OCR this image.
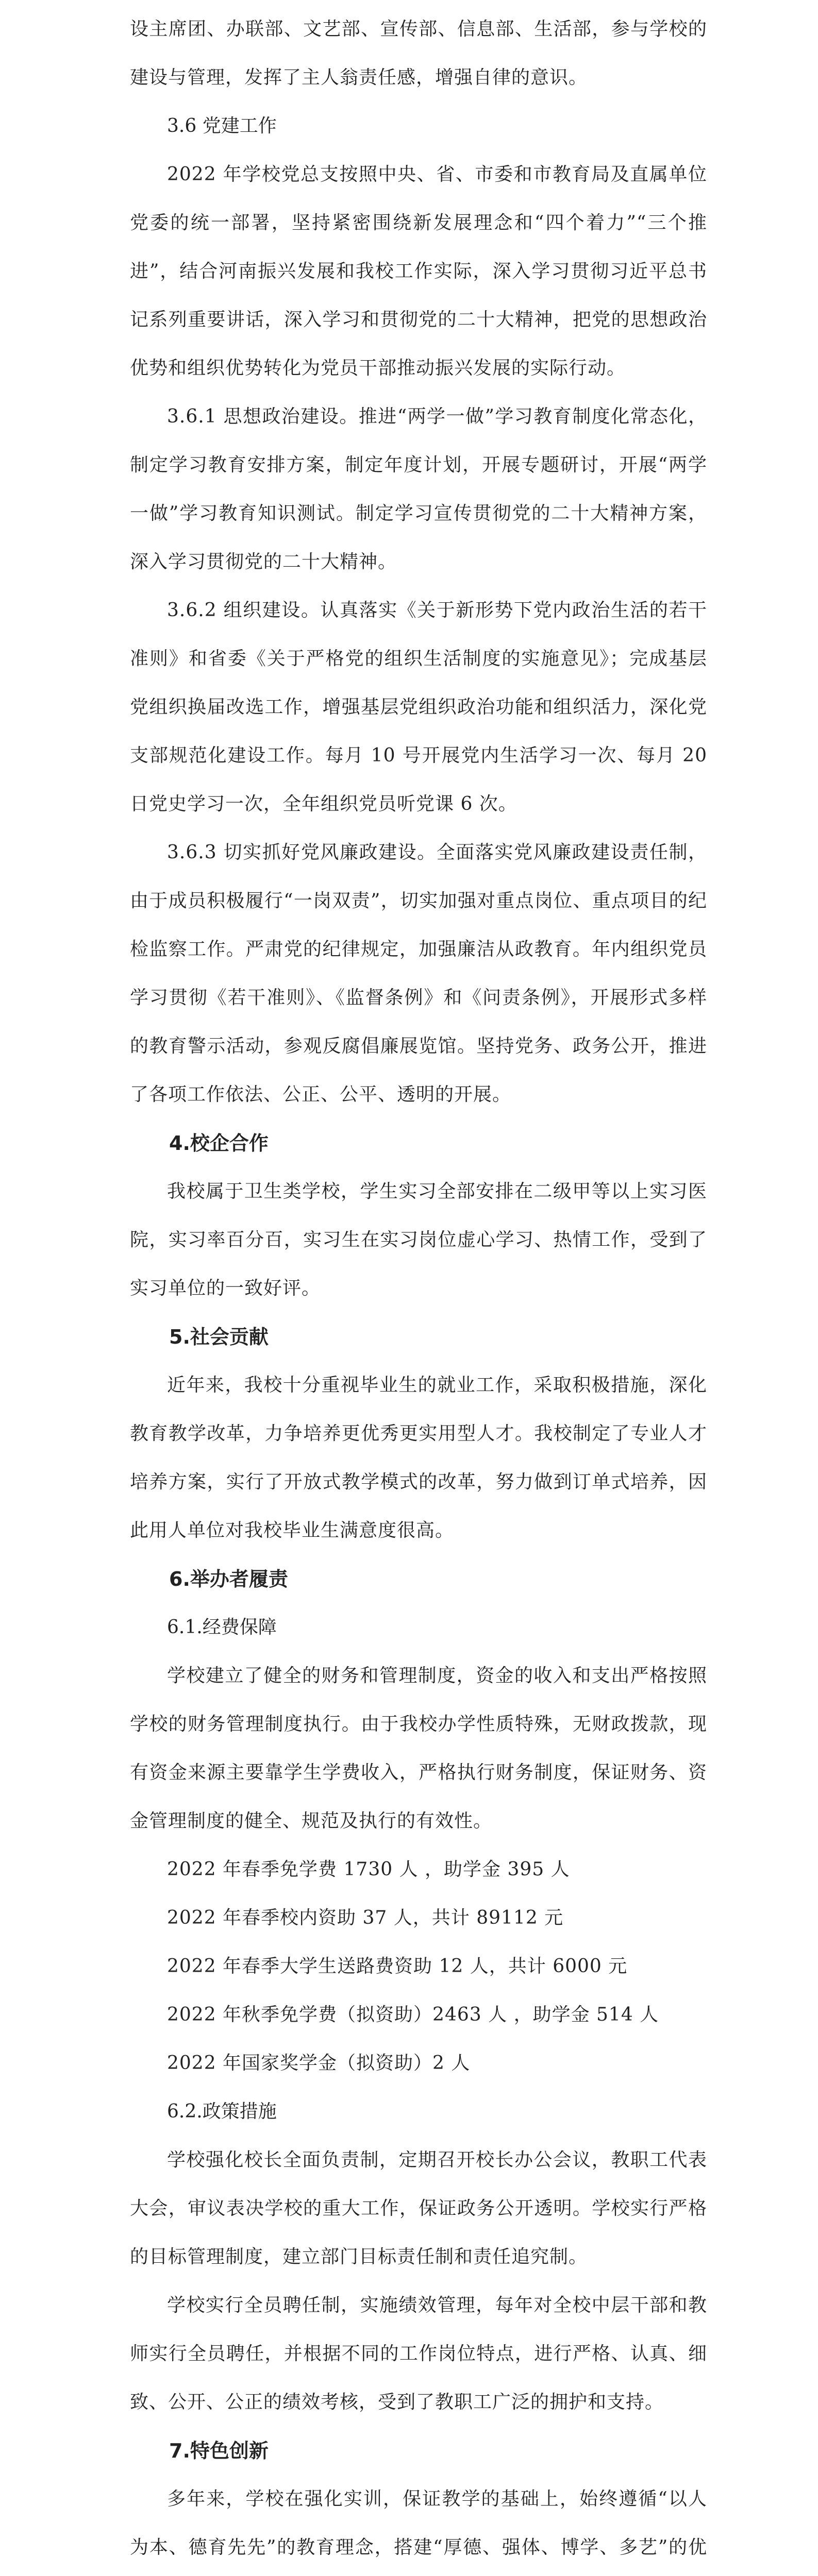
设主席团、办联部、文艺部、宣传部、信息部、生活部，参与学校的建设与管理，发挥了主人翁责任感，增强自律的意识。

3.6 党建工作

2022 年学校党总支按照中央、省、市委和市教育局及直属单位党委的统一部署，坚持紧密围绕新发展理念和“四个着力”“三个推进”，结合河南振兴发展和我校工作实际，深入学习贯彻习近平总书记系列重要讲话，深入学习和贯彻党的二十大精神，把党的思想政治优势和组织优势转化为党员干部推动振兴发展的实际行动。

3.6.1 思想政治建设。推进“两学一做”学习教育制度化常态化，制定学习教育安排方案，制定年度计划，开展专题研讨，开展“两学一做”学习教育知识测试。制定学习宣传贯彻党的二十大精神方案，深入学习贯彻党的二十大精神。

3.6.2 组织建设。认真落实《关于新形势下党内政治生活的若干准则》和省委《关于严格党的组织生活制度的实施意见》；完成基层党组织换届改选工作，增强基层党组织政治功能和组织活力，深化党支部规范化建设工作。每月 10 号开展党内生活学习一次、每月 20 日党史学习一次，全年组织党员听党课 6 次。

3.6.3 切实抓好党风廉政建设。全面落实党风廉政建设责任制，由于成员积极履行“一岗双责”，切实加强对重点岗位、重点项目的纪检监察工作。严肃党的纪律规定，加强廉洁从政教育。年内组织党员学习贯彻《若干准则》、《监督条例》和《问责条例》，开展形式多样的教育警示活动，参观反腐倡廉展览馆。坚持党务、政务公开，推进了各项工作依法、公正、公平、透明的开展。

4.校企合作

我校属于卫生类学校，学生实习全部安排在二级甲等以上实习医院，实习率百分百，实习生在实习岗位虚心学习、热情工作，受到了实习单位的一致好评。

5.社会贡献

近年来，我校十分重视毕业生的就业工作，采取积极措施，深化教育教学改革，力争培养更优秀更实用型人才。我校制定了专业人才培养方案，实行了开放式教学模式的改革，努力做到订单式培养，因此用人单位对我校毕业生满意度很高。

6.举办者履责

6.1.经费保障

学校建立了健全的财务和管理制度，资金的收入和支出严格按照学校的财务管理制度执行。由于我校办学性质特殊，无财政拨款，现有资金来源主要靠学生学费收入，严格执行财务制度，保证财务、资金管理制度的健全、规范及执行的有效性。

2022 年春季免学费 1730 人 ，助学金 395 人

2022 年春季校内资助 37 人，共计 89112 元

2022 年春季大学生送路费资助 12 人，共计 6000 元

2022 年秋季免学费（拟资助）2463 人 ，助学金 514 人

2022 年国家奖学金（拟资助）2 人

6.2.政策措施

学校强化校长全面负责制，定期召开校长办公会议，教职工代表大会，审议表决学校的重大工作，保证政务公开透明。学校实行严格的目标管理制度，建立部门目标责任制和责任追究制。

学校实行全员聘任制，实施绩效管理，每年对全校中层干部和教师实行全员聘任，并根据不同的工作岗位特点，进行严格、认真、细致、公开、公正的绩效考核，受到了教职工广泛的拥护和支持。

7.特色创新

多年来，学校在强化实训，保证教学的基础上，始终遵循“以人为本、德育先先”的教育理念，搭建“厚德、强体、博学、多艺”的优
